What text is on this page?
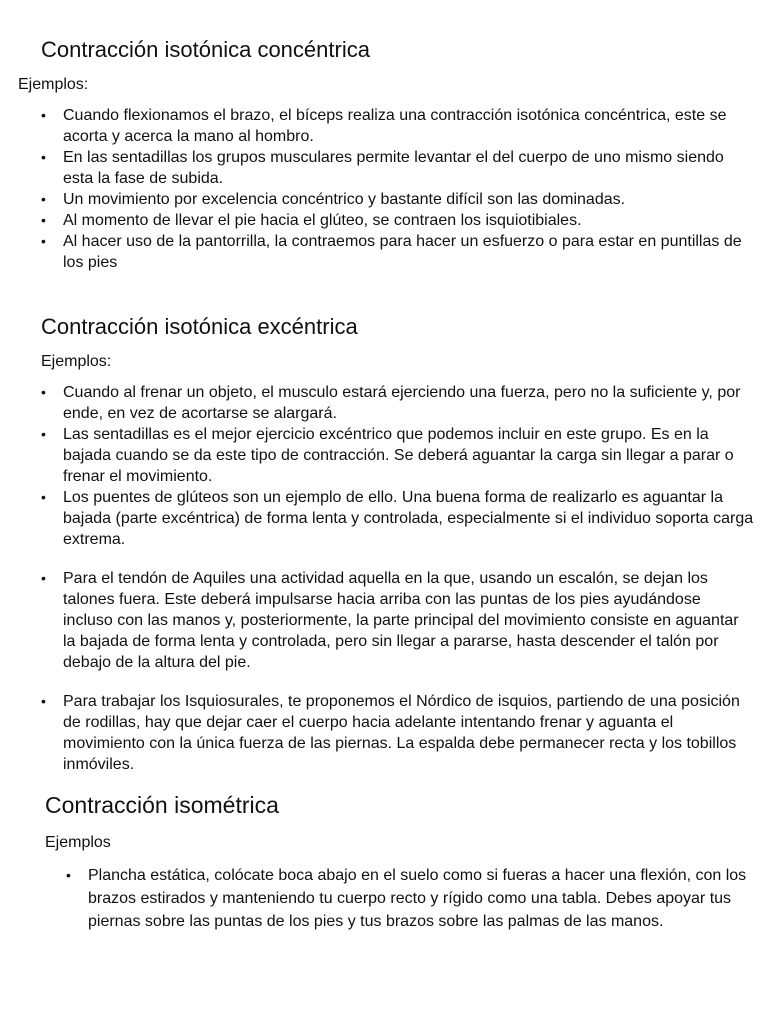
Contracción isotónica concéntrica

Ejemplos:

• Cuando flexionamos el brazo, el bíceps realiza una contracción isotónica concéntrica, este se acorta y acerca la mano al hombro.
• En las sentadillas los grupos musculares permite levantar el del cuerpo de uno mismo siendo esta la fase de subida.
• Un movimiento por excelencia concéntrico y bastante difícil son las dominadas.
• Al momento de llevar el pie hacia el glúteo, se contraen los isquiotibiales.
• Al hacer uso de la pantorrilla, la contraemos para hacer un esfuerzo o para estar en puntillas de los pies
Contracción isotónica excéntrica

Ejemplos:

• Cuando al frenar un objeto, el musculo estará ejerciendo una fuerza, pero no la suficiente y, por ende, en vez de acortarse se alargará.
• Las sentadillas es el mejor ejercicio excéntrico que podemos incluir en este grupo. Es en la bajada cuando se da este tipo de contracción. Se deberá aguantar la carga sin llegar a parar o frenar el movimiento.
• Los puentes de glúteos son un ejemplo de ello. Una buena forma de realizarlo es aguantar la bajada (parte excéntrica) de forma lenta y controlada, especialmente si el individuo soporta carga extrema.
• Para el tendón de Aquiles una actividad aquella en la que, usando un escalón, se dejan los talones fuera. Este deberá impulsarse hacia arriba con las puntas de los pies ayudándose incluso con las manos y, posteriormente, la parte principal del movimiento consiste en aguantar la bajada de forma lenta y controlada, pero sin llegar a pararse, hasta descender el talón por debajo de la altura del pie.
• Para trabajar los Isquiosurales, te proponemos el Nórdico de isquios, partiendo de una posición de rodillas, hay que dejar caer el cuerpo hacia adelante intentando frenar y aguanta el movimiento con la única fuerza de las piernas. La espalda debe permanecer recta y los tobillos inmóviles.
Contracción isométrica

Ejemplos

• Plancha estática, colócate boca abajo en el suelo como si fueras a hacer una flexión, con los brazos estirados y manteniendo tu cuerpo recto y rígido como una tabla. Debes apoyar tus piernas sobre las puntas de los pies y tus brazos sobre las palmas de las manos.
